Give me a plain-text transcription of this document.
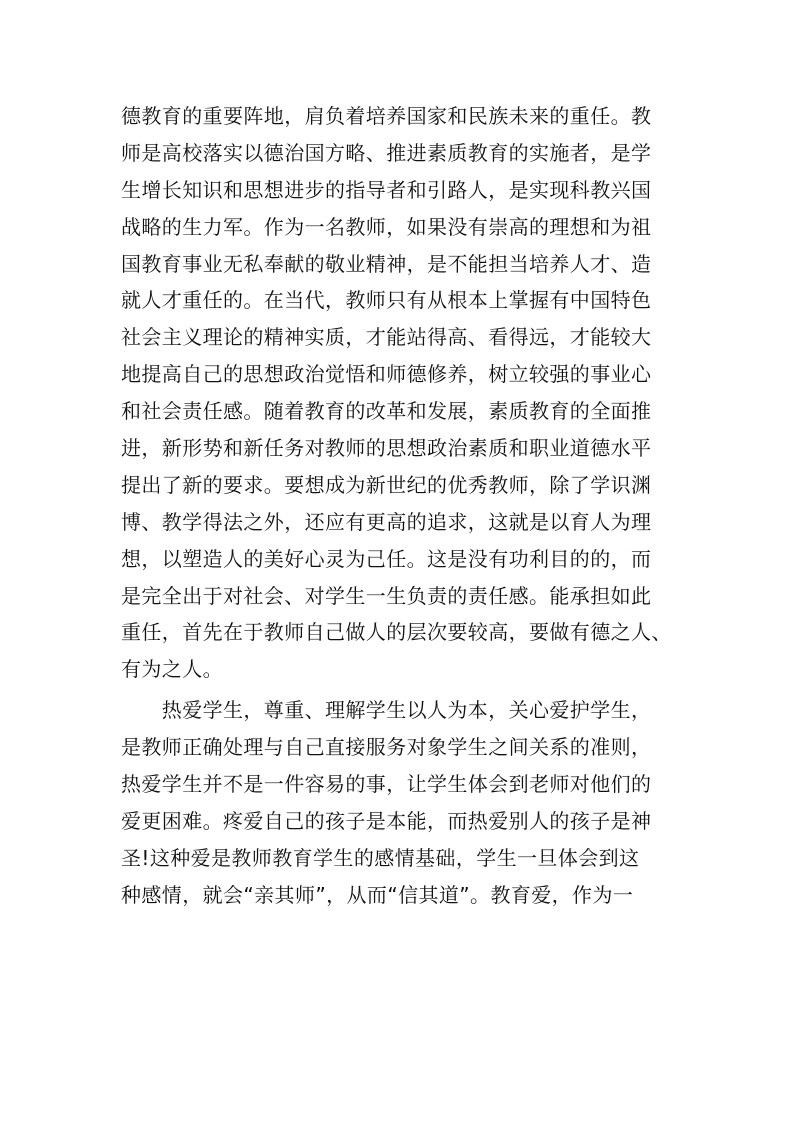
德教育的重要阵地，肩负着培养国家和民族未来的重任。教
师是高校落实以德治国方略、推进素质教育的实施者，是学
生增长知识和思想进步的指导者和引路人，是实现科教兴国
战略的生力军。作为一名教师，如果没有崇高的理想和为祖
国教育事业无私奉献的敬业精神，是不能担当培养人才、造
就人才重任的。在当代，教师只有从根本上掌握有中国特色
社会主义理论的精神实质，才能站得高、看得远，才能较大
地提高自己的思想政治觉悟和师德修养，树立较强的事业心
和社会责任感。随着教育的改革和发展，素质教育的全面推
进，新形势和新任务对教师的思想政治素质和职业道德水平
提出了新的要求。要想成为新世纪的优秀教师，除了学识渊
博、教学得法之外，还应有更高的追求，这就是以育人为理
想，以塑造人的美好心灵为己任。这是没有功利目的的，而
是完全出于对社会、对学生一生负责的责任感。能承担如此
重任，首先在于教师自己做人的层次要较高，要做有德之人、
有为之人。
　　热爱学生，尊重、理解学生以人为本，关心爱护学生，
是教师正确处理与自己直接服务对象学生之间关系的准则，
热爱学生并不是一件容易的事，让学生体会到老师对他们的
爱更困难。疼爱自己的孩子是本能，而热爱别人的孩子是神
圣!这种爱是教师教育学生的感情基础，学生一旦体会到这
种感情，就会“亲其师”，从而“信其道”。教育爱，作为一
